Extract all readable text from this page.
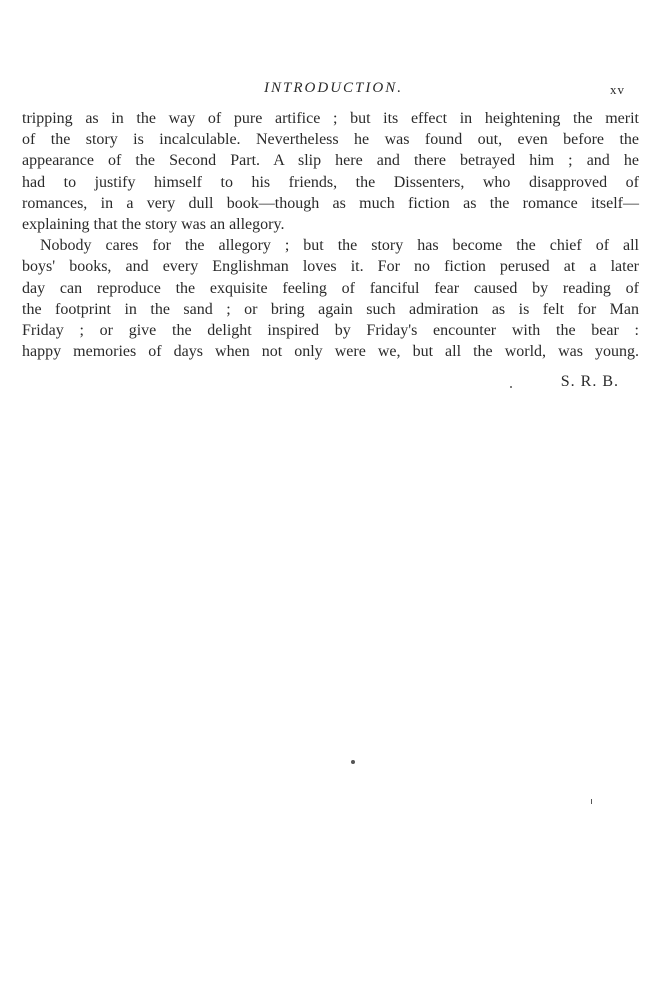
INTRODUCTION.	xv
tripping as in the way of pure artifice ; but its effect in heightening the merit
of the story is incalculable. Nevertheless he was found out, even before the
appearance of the Second Part. A slip here and there betrayed him ; and he
had to justify himself to his friends, the Dissenters, who disapproved of
romances, in a very dull book—though as much fiction as the romance itself—
explaining that the story was an allegory.
Nobody cares for the allegory ; but the story has become the chief of all
boys' books, and every Englishman loves it. For no fiction perused at a later
day can reproduce the exquisite feeling of fanciful fear caused by reading of
the footprint in the sand ; or bring again such admiration as is felt for Man
Friday ; or give the delight inspired by Friday's encounter with the bear :
happy memories of days when not only were we, but all the world, was young.
S. R. B.
